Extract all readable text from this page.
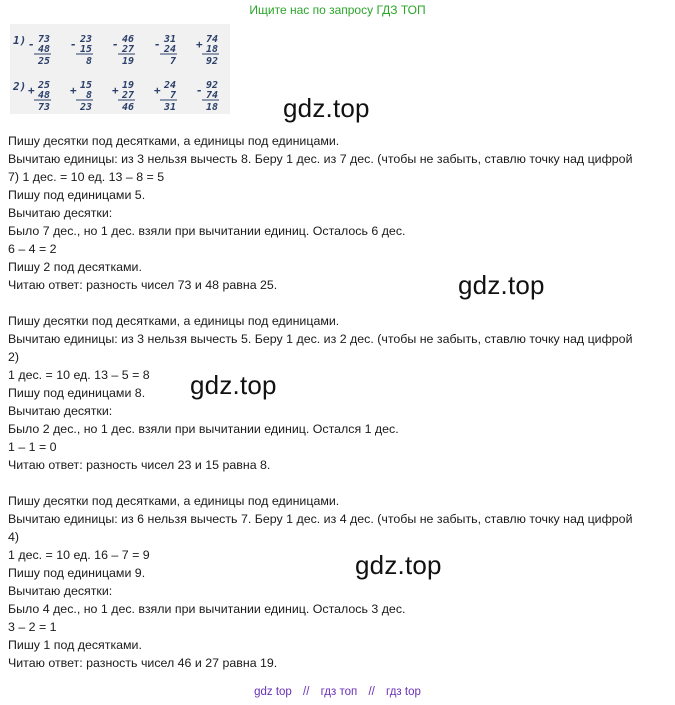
Ищите нас по запросу ГДЗ ТОП
1) - 73
48
25
- 23
15
8
- 46
27
19
- 31
24
7
+ 74
18
92
2) + 25
48
73
+ 15
8
23
+ 19
27
46
+ 24
7
31
- 92
74
18	gdz.top
gdz.top
gdz.top
gdz.top
Пишу десятки под десятками, а единицы под единицами.
Вычитаю единицы: из 3 нельзя вычесть 8. Беру 1 дес. из 7 дес. (чтобы не забыть, ставлю точку над цифрой
7) 1 дес. = 10 ед. 13 – 8 = 5
Пишу под единицами 5.
Вычитаю десятки:
Было 7 дес., но 1 дес. взяли при вычитании единиц. Осталось 6 дес.
6 – 4 = 2
Пишу 2 под десятками.
Читаю ответ: разность чисел 73 и 48 равна 25.
Пишу десятки под десятками, а единицы под единицами.
Вычитаю единицы: из 3 нельзя вычесть 5. Беру 1 дес. из 2 дес. (чтобы не забыть, ставлю точку над цифрой
2)
1 дес. = 10 ед. 13 – 5 = 8
Пишу под единицами 8.
Вычитаю десятки:
Было 2 дес., но 1 дес. взяли при вычитании единиц. Остался 1 дес.
1 – 1 = 0
Читаю ответ: разность чисел 23 и 15 равна 8.
Пишу десятки под десятками, а единицы под единицами.
Вычитаю единицы: из 6 нельзя вычесть 7. Беру 1 дес. из 4 дес. (чтобы не забыть, ставлю точку над цифрой
4)
1 дес. = 10 ед. 16 – 7 = 9
Пишу под единицами 9.
Вычитаю десятки:
Было 4 дес., но 1 дес. взяли при вычитании единиц. Осталось 3 дес.
3 – 2 = 1
Пишу 1 под десятками.
Читаю ответ: разность чисел 46 и 27 равна 19.
gdz top // гдз топ // гдз top
